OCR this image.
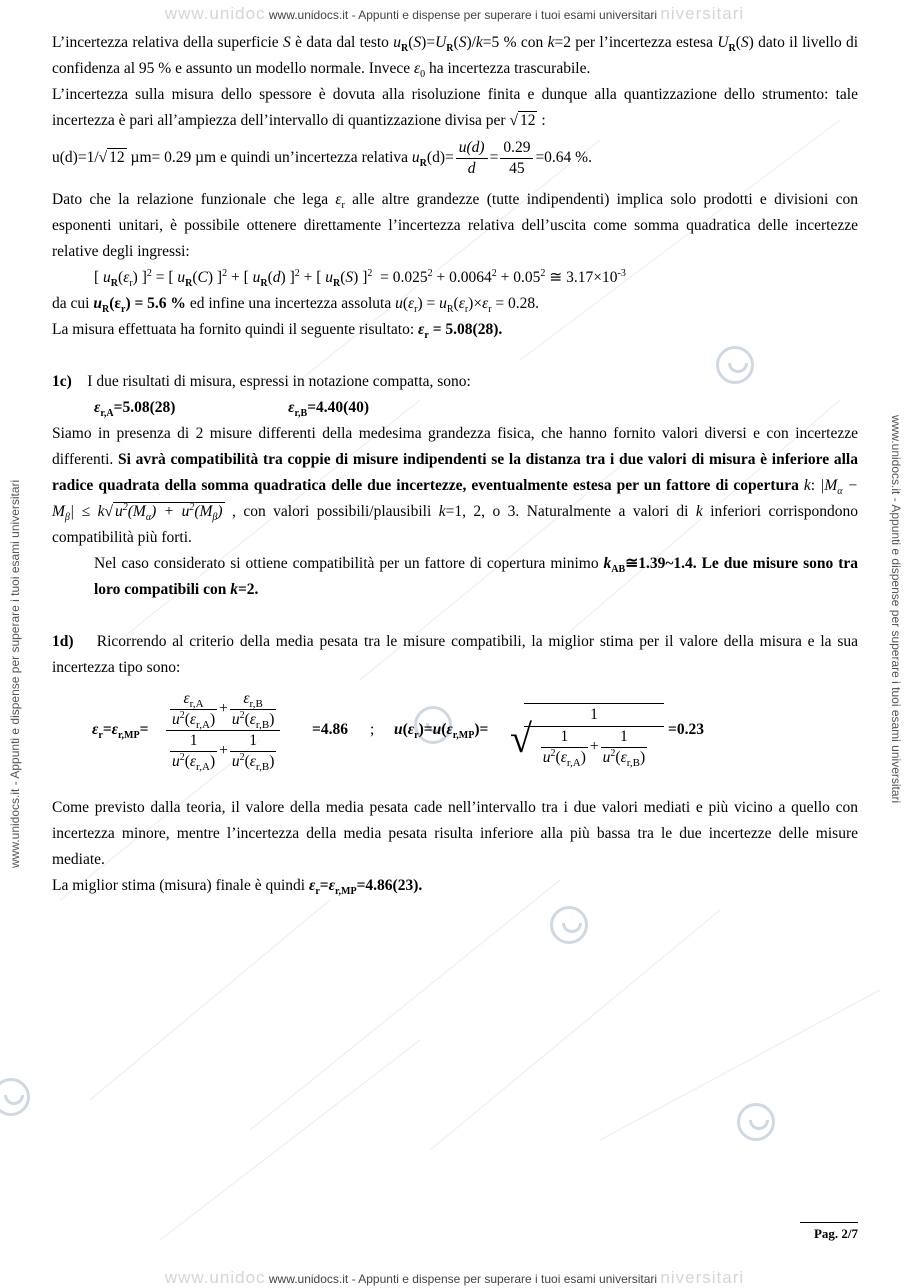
www.unidoc www.unidocs.it - Appunti e dispense per superare i tuoi esami universitari niversitari
www.unidoc www.unidocs.it - Appunti e dispense per superare i tuoi esami universitari niversitari
www.unidocs.it - Appunti e dispense per superare i tuoi esami universitari	www.unidocs.it - Appunti e dispense per superare i tuoi esami universitari

L’incertezza relativa della superficie S è data dal testo $u_R(S)=U_R(S)/k=5$ % con k=2 per l’incertezza estesa $U_R(S)$ dato il livello di confidenza al 95 % e assunto un modello normale. Invece $\varepsilon_0$ ha incertezza trascurabile.

L’incertezza sulla misura dello spessore è dovuta alla risoluzione finita e dunque alla quantizzazione dello strumento: tale incertezza è pari all’ampiezza dell’intervallo di quantizzazione divisa per √ 12 :

u(d)=1/√ 12 µm= 0.29 µm e quindi un’incertezza relativa $u_R(d)= \frac{u(d)}{d} = \frac{0.29}{45} =0.64$ %.

Dato che la relazione funzionale che lega $\varepsilon_r$ alle altre grandezze (tutte indipendenti) implica solo prodotti e divisioni con esponenti unitari, è possibile ottenere direttamente l’incertezza relativa dell’uscita come somma quadratica delle incertezze relative degli ingressi:

[ $u_R(\varepsilon_r) ]^2$ = [ $u_R(C) ]^2$ + [ $u_R(d) ]^2$ + [ $u_R(S) ]^2 = 0.025^2 + 0.0064^2 + 0.05^2$ ≅ $3.17\times 10^{-3}$

da cui $u_R(\varepsilon_r) = 5.6$ % ed infine una incertezza assoluta $u(\varepsilon_r) = u_R(\varepsilon_r)\times\varepsilon_r = 0.28$.

La misura effettuata ha fornito quindi il seguente risultato: $\varepsilon_r = 5.08(28)$.

1c) I due risultati di misura, espressi in notazione compatta, sono:

$\varepsilon_{r,A}=5.08(28)$	$\varepsilon_{r,B}=4.40(40)$

Siamo in presenza di 2 misure differenti della medesima grandezza fisica, che hanno fornito valori diversi e con incertezze differenti. Si avrà compatibilità tra coppie di misure indipendenti se la distanza tra i due valori di misura è inferiore alla radice quadrata della somma quadratica delle due incertezze, eventualmente estesa per un fattore di copertura k: $|M_\alpha - M_\beta| \le k√$ $u^2(M_\alpha) + u^2(M_\beta)$ , con valori possibili/plausibili k=1, 2, o 3. Naturalmente a valori di k inferiori corrispondono compatibilità più forti.

Nel caso considerato si ottiene compatibilità per un fattore di copertura minimo $k_{AB}≅1.39\sim 1.4$. Le due misure sono tra loro compatibili con k=2.

1d) Ricorrendo al criterio della media pesata tra le misure compatibili, la miglior stima per il valore della misura e la sua incertezza tipo sono:

$\varepsilon_r=\varepsilon_{r,MP}= \frac{\frac{\varepsilon_{r,A}}{u^2(\varepsilon_{r,A})} + \frac{\varepsilon_{r,B}}{u^2(\varepsilon_{r,B})}}{\frac{1}{u^2(\varepsilon_{r,A})} + \frac{1}{u^2(\varepsilon_{r,B})}} =4.86$ ; $u(\varepsilon_r)=u(\varepsilon_{r,MP})=$ √
$\frac{1}{\frac{1}{u^2(\varepsilon_{r,A})} + \frac{1}{u^2(\varepsilon_{r,B})}} =0.23$

Come previsto dalla teoria, il valore della media pesata cade nell’intervallo tra i due valori mediati e più vicino a quello con incertezza minore, mentre l’incertezza della media pesata risulta inferiore alla più bassa tra le due incertezze delle misure mediate.

La miglior stima (misura) finale è quindi $\varepsilon_r=\varepsilon_{r,MP}=4.86(23)$.

Pag. 2/7
